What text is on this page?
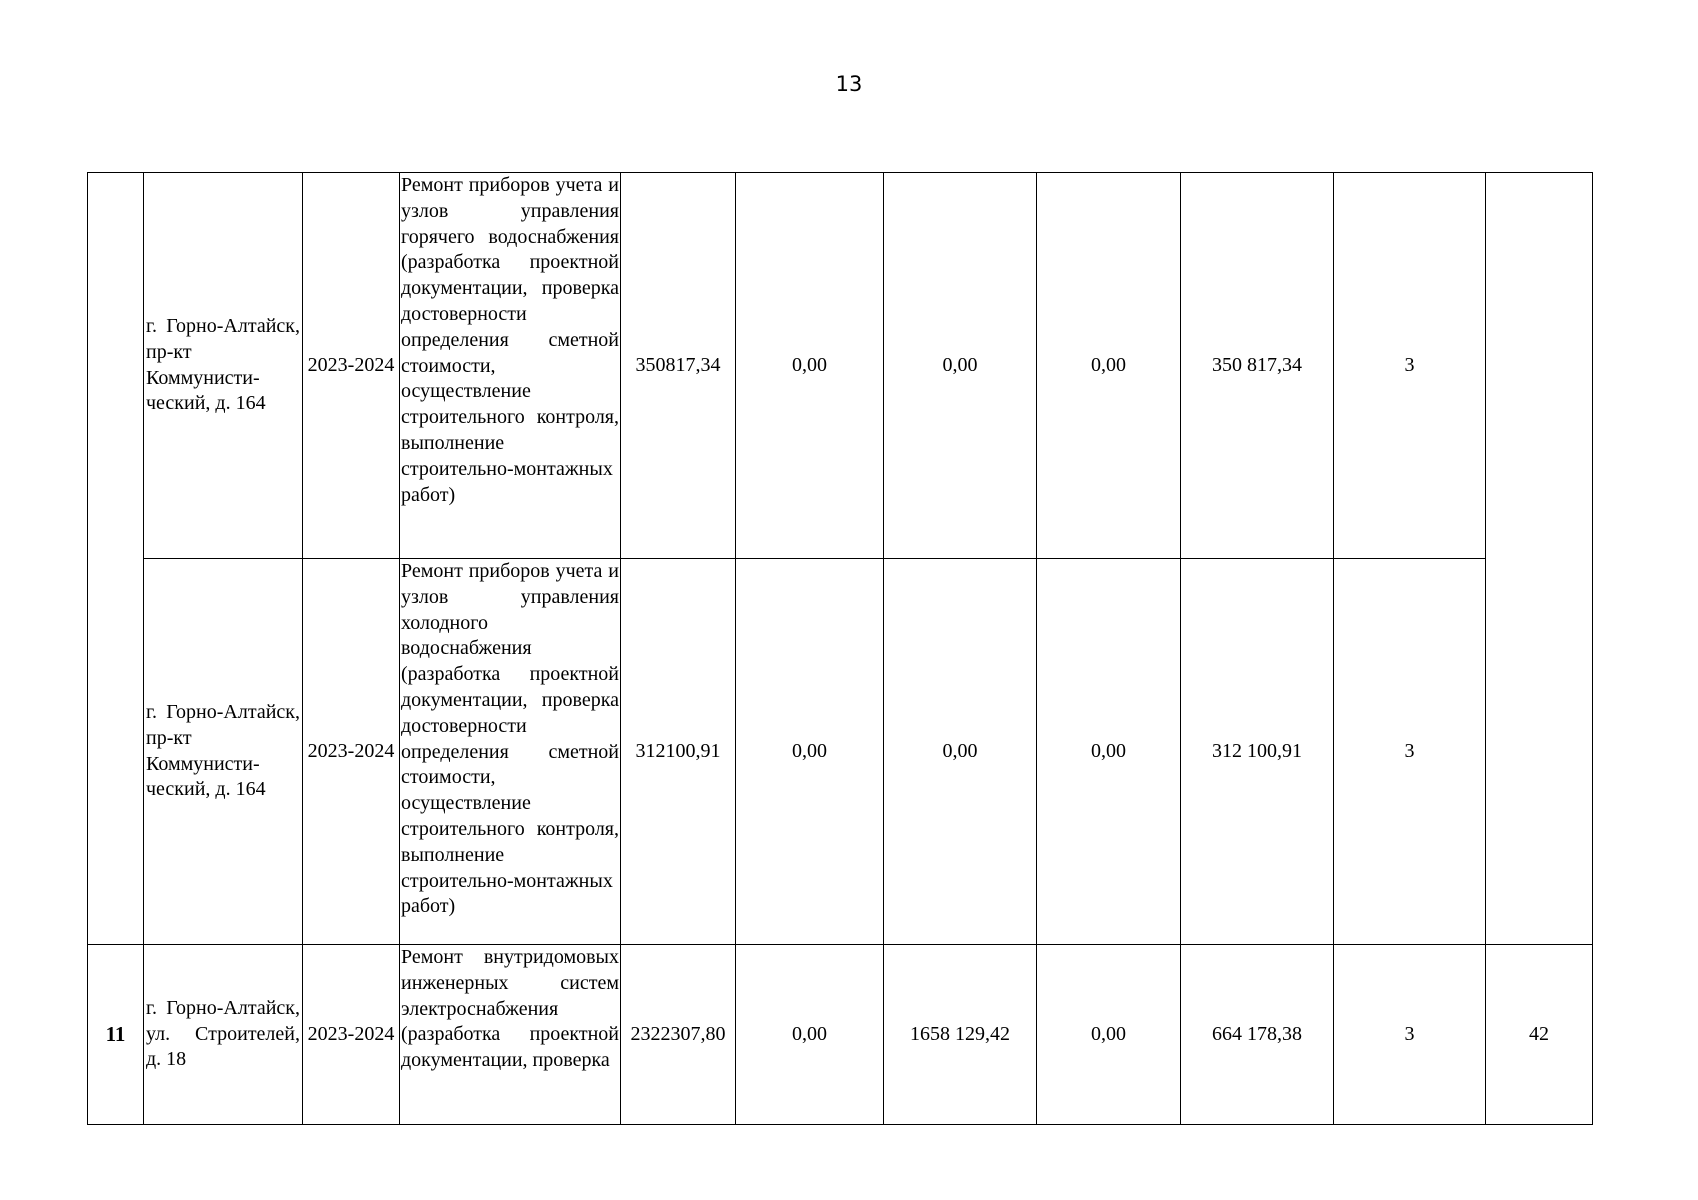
13
	г. Горно-Алтайск, пр-кт Коммунисти-ческий, д. 164	2023-2024	Ремонт приборов учета и узлов управления горячего водоснабжения (разработка проектной документации, проверка достоверности определения сметной стоимости, осуществление строительного контроля, выполнение строительно-монтажных работ)	350817,34	0,00	0,00	0,00	350 817,34	3	
	г. Горно-Алтайск, пр-кт Коммунисти-ческий, д. 164	2023-2024	Ремонт приборов учета и узлов управления холодного водоснабжения (разработка проектной документации, проверка достоверности определения сметной стоимости, осуществление строительного контроля, выполнение строительно-монтажных работ)	312100,91	0,00	0,00	0,00	312 100,91	3	
11	г. Горно-Алтайск, ул. Строителей, д. 18	2023-2024	Ремонт внутридомовых инженерных систем электроснабжения (разработка проектной документации, проверка	2322307,80	0,00	1658 129,42	0,00	664 178,38	3	42
